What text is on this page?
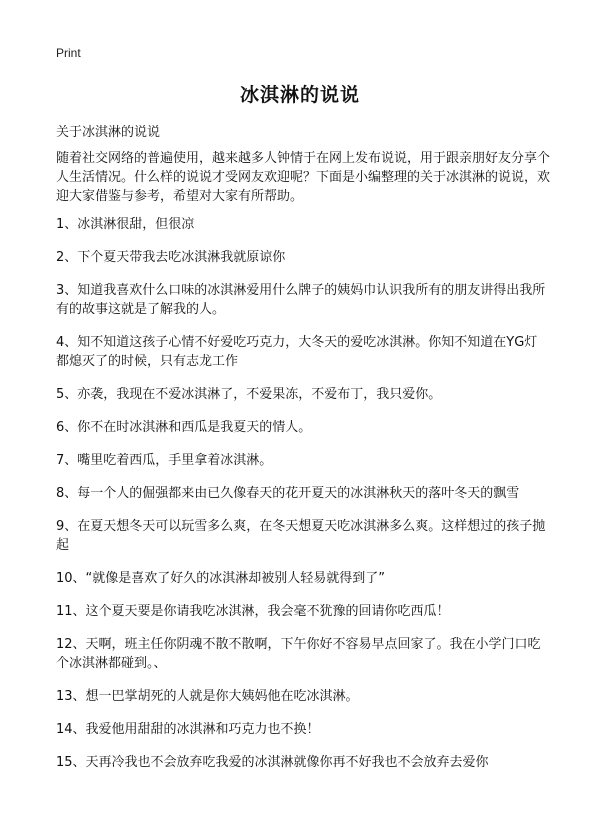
Print
冰淇淋的说说
关于冰淇淋的说说

随着社交网络的普遍使用，越来越多人钟情于在网上发布说说，用于跟亲朋好友分享个人生活情况。什么样的说说才受网友欢迎呢？下面是小编整理的关于冰淇淋的说说，欢迎大家借鉴与参考，希望对大家有所帮助。

1、冰淇淋很甜，但很凉
2、下个夏天带我去吃冰淇淋我就原谅你
3、知道我喜欢什么口味的冰淇淋爱用什么牌子的姨妈巾认识我所有的朋友讲得出我所有的故事这就是了解我的人。
4、知不知道这孩子心情不好爱吃巧克力，大冬天的爱吃冰淇淋。你知不知道在YG灯都熄灭了的时候，只有志龙工作
5、亦袭，我现在不爱冰淇淋了，不爱果冻，不爱布丁，我只爱你。
6、你不在时冰淇淋和西瓜是我夏天的情人。
7、嘴里吃着西瓜，手里拿着冰淇淋。
8、每一个人的倔强都来由已久像春天的花开夏天的冰淇淋秋天的落叶冬天的飘雪
9、在夏天想冬天可以玩雪多么爽，在冬天想夏天吃冰淇淋多么爽。这样想过的孩子抛起
10、“就像是喜欢了好久的冰淇淋却被别人轻易就得到了”
11、这个夏天要是你请我吃冰淇淋，我会毫不犹豫的回请你吃西瓜！
12、天啊，班主任你阴魂不散不散啊，下午你好不容易早点回家了。我在小学门口吃个冰淇淋都碰到。、
13、想一巴掌胡死的人就是你大姨妈他在吃冰淇淋。
14、我爱他用甜甜的冰淇淋和巧克力也不换！
15、天再冷我也不会放弃吃我爱的冰淇淋就像你再不好我也不会放弃去爱你
